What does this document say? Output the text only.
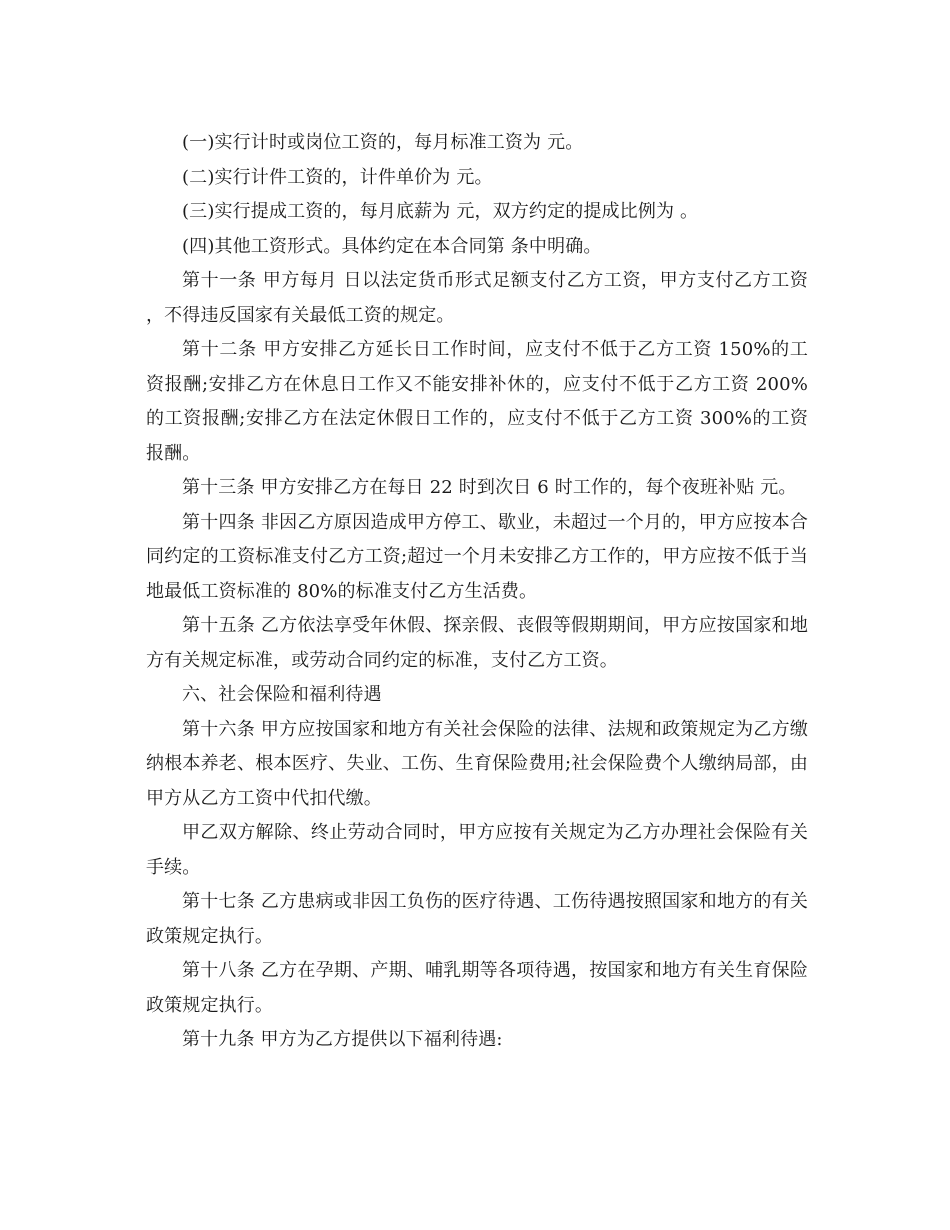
(一)实行计时或岗位工资的，每月标准工资为 元。

(二)实行计件工资的，计件单价为 元。

(三)实行提成工资的，每月底薪为 元，双方约定的提成比例为 。

(四)其他工资形式。具体约定在本合同第 条中明确。

第十一条 甲方每月 日以法定货币形式足额支付乙方工资，甲方支付乙方工资，不得违反国家有关最低工资的规定。

第十二条 甲方安排乙方延长日工作时间，应支付不低于乙方工资 150%的工资报酬;安排乙方在休息日工作又不能安排补休的，应支付不低于乙方工资 200%的工资报酬;安排乙方在法定休假日工作的，应支付不低于乙方工资 300%的工资报酬。

第十三条 甲方安排乙方在每日 22 时到次日 6 时工作的，每个夜班补贴 元。

第十四条 非因乙方原因造成甲方停工、歇业，未超过一个月的，甲方应按本合同约定的工资标准支付乙方工资;超过一个月未安排乙方工作的，甲方应按不低于当地最低工资标准的 80%的标准支付乙方生活费。

第十五条 乙方依法享受年休假、探亲假、丧假等假期期间，甲方应按国家和地方有关规定标准，或劳动合同约定的标准，支付乙方工资。

六、社会保险和福利待遇

第十六条 甲方应按国家和地方有关社会保险的法律、法规和政策规定为乙方缴纳根本养老、根本医疗、失业、工伤、生育保险费用;社会保险费个人缴纳局部，由甲方从乙方工资中代扣代缴。

甲乙双方解除、终止劳动合同时，甲方应按有关规定为乙方办理社会保险有关手续。

第十七条 乙方患病或非因工负伤的医疗待遇、工伤待遇按照国家和地方的有关政策规定执行。

第十八条 乙方在孕期、产期、哺乳期等各项待遇，按国家和地方有关生育保险政策规定执行。

第十九条 甲方为乙方提供以下福利待遇:
